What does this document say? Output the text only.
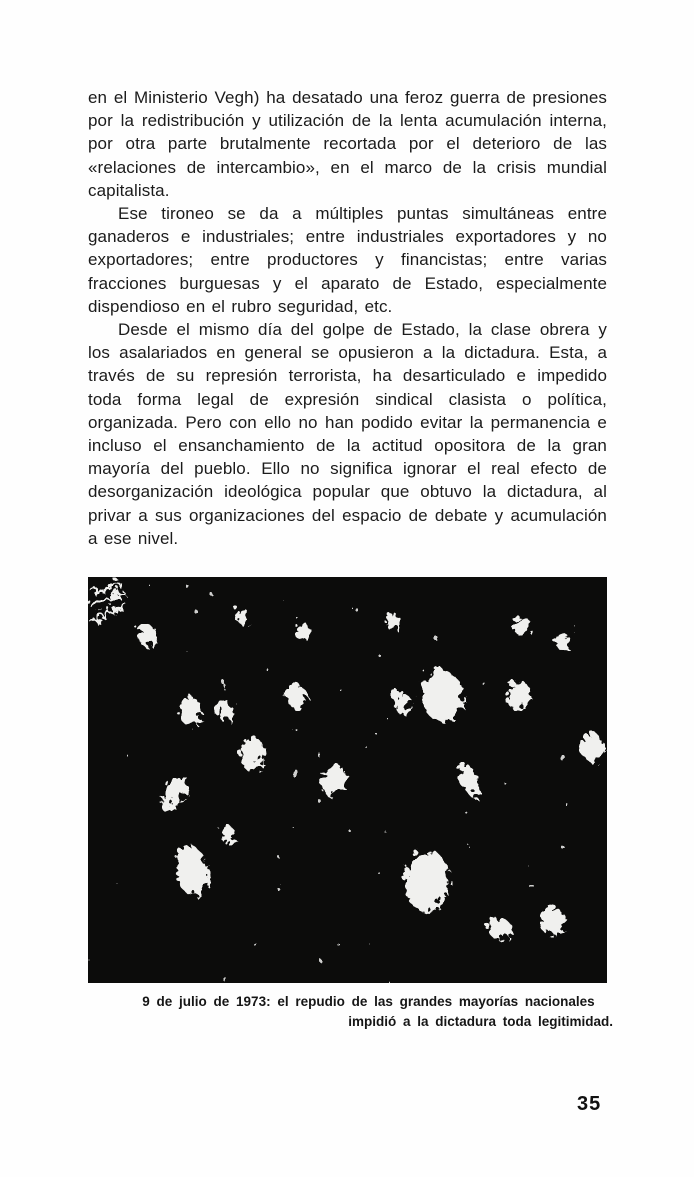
en el Ministerio Vegh) ha desatado una feroz guerra de presiones por la redistribución y utilización de la lenta acumulación interna, por otra parte brutalmente recortada por el deterioro de las «relaciones de intercambio», en el marco de la crisis mundial capitalista.

Ese tironeo se da a múltiples puntas simultáneas entre ganaderos e industriales; entre industriales exportadores y no exportadores; entre productores y financistas; entre varias fracciones burguesas y el aparato de Estado, especialmente dispendioso en el rubro seguridad, etc.

Desde el mismo día del golpe de Estado, la clase obrera y los asalariados en general se opusieron a la dictadura. Esta, a través de su represión terrorista, ha desarticulado e impedido toda forma legal de expresión sindical clasista o política, organizada. Pero con ello no han podido evitar la permanencia e incluso el ensanchamiento de la actitud opositora de la gran mayoría del pueblo. Ello no significa ignorar el real efecto de desorganización ideológica popular que obtuvo la dictadura, al privar a sus organizaciones del espacio de debate y acumulación a ese nivel.

9 de julio de 1973: el repudio de las grandes mayorías nacionales
impidió a la dictadura toda legitimidad.
35
